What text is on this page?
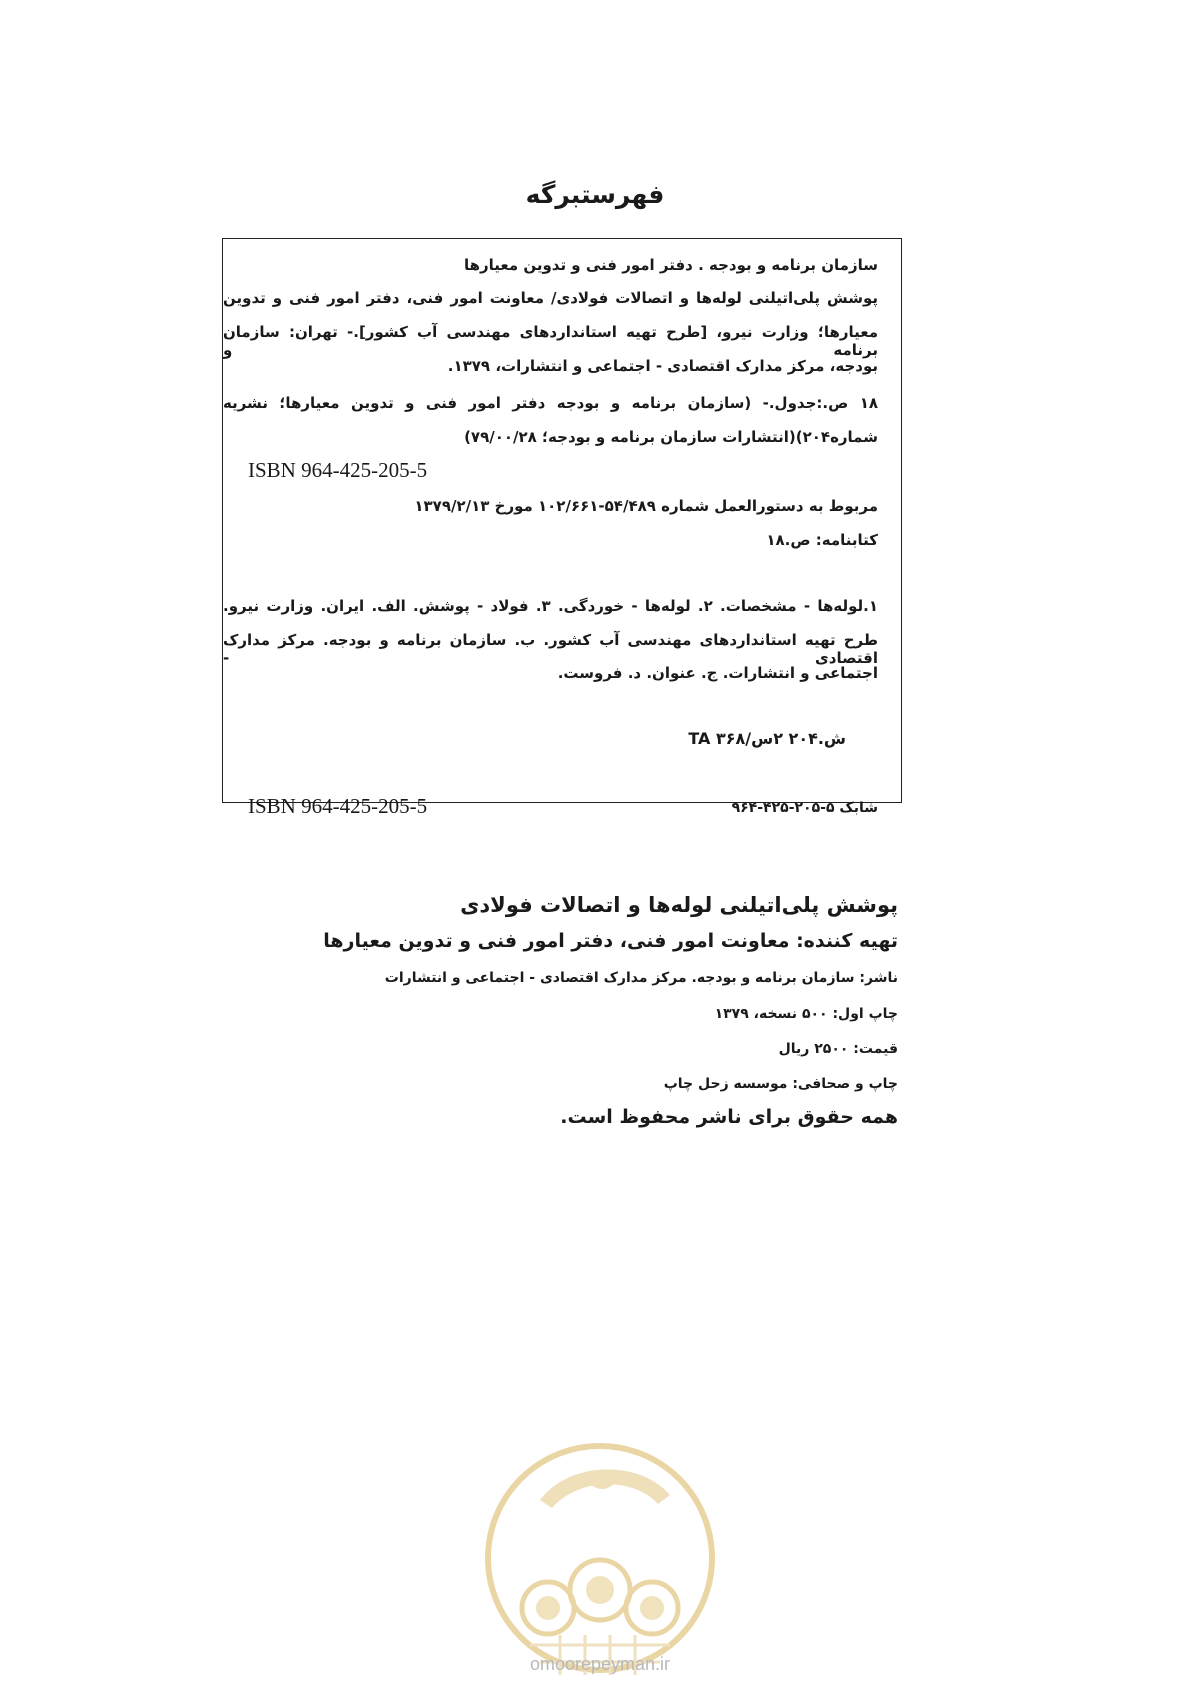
فهرستبرگه
سازمان برنامه و بودجه . دفتر امور فنی و تدوین معیارها
پوشش پلی‌اتیلنی لوله‌ها و اتصالات فولادی/ معاونت امور فنی، دفتر امور فنی و تدوین
معیارها؛ وزارت نیرو، [طرح تهیه استانداردهای مهندسی آب کشور].- تهران: سازمان برنامه و
بودجه، مرکز مدارک اقتصادی - اجتماعی و انتشارات، ۱۳۷۹.
۱۸ ص.:جدول.- (سازمان برنامه و بودجه دفتر امور فنی و تدوین معیارها؛ نشریه
شماره۲۰۴)(انتشارات سازمان برنامه و بودجه؛ ۷۹/۰۰/۲۸)
ISBN 964-425-205-5
مربوط به دستورالعمل شماره ۵۴/۴۸۹-۱۰۲/۶۶۱ مورخ ۱۳۷۹/۲/۱۳
کتابنامه: ص.۱۸
۱.لوله‌ها - مشخصات. ۲. لوله‌ها - خوردگی. ۳. فولاد - پوشش. الف. ایران. وزارت نیرو.
طرح تهیه استانداردهای مهندسی آب کشور. ب. سازمان برنامه و بودجه. مرکز مدارک اقتصادی -
اجتماعی و انتشارات. ج. عنوان. د. فروست.
ش.۲۰۴ ۲س/۳۶۸ TA
ISBN 964-425-205-5	شابک ۵-۲۰۵-۴۲۵-۹۶۴
پوشش پلی‌اتیلنی لوله‌ها و اتصالات فولادی
تهیه کننده: معاونت امور فنی، دفتر امور فنی و تدوین معیارها
ناشر: سازمان برنامه و بودجه. مرکز مدارک اقتصادی - اجتماعی و انتشارات
چاپ اول: ۵۰۰ نسخه، ۱۳۷۹
قیمت: ۲۵۰۰ ریال
چاپ و صحافی: موسسه زحل چاپ
همه حقوق برای ناشر محفوظ است.
omoorepeyman.ir
